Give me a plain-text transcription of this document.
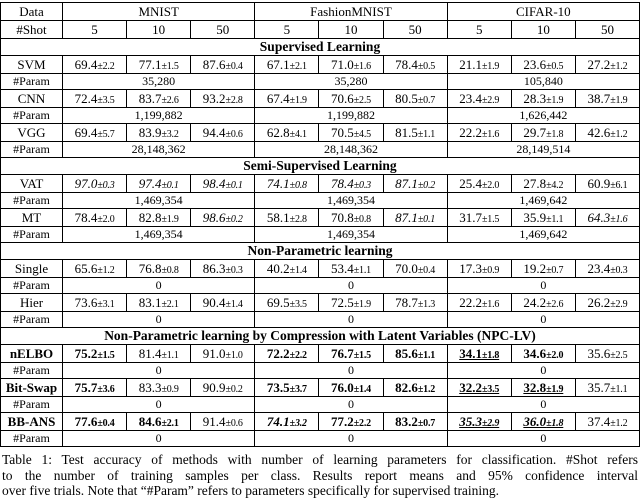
Data	MNIST			FashionMNIST			CIFAR-10		
#Shot	5	10	50	5	10	50	5	10	50
Supervised Learning									
SVM	69.4±2.2	77.1±1.5	87.6±0.4	67.1±2.1	71.0±1.6	78.4±0.5	21.1±1.9	23.6±0.5	27.2±1.2
#Param	35,280			35,280			105,840		
CNN	72.4±3.5	83.7±2.6	93.2±2.8	67.4±1.9	70.6±2.5	80.5±0.7	23.4±2.9	28.3±1.9	38.7±1.9
#Param	1,199,882			1,199,882			1,626,442		
VGG	69.4±5.7	83.9±3.2	94.4±0.6	62.8±4.1	70.5±4.5	81.5±1.1	22.2±1.6	29.7±1.8	42.6±1.2
#Param	28,148,362			28,148,362			28,149,514		
Semi-Supervised Learning									
VAT	97.0±0.3	97.4±0.1	98.4±0.1	74.1±0.8	78.4±0.3	87.1±0.2	25.4±2.0	27.8±4.2	60.9±6.1
#Param	1,469,354			1,469,354			1,469,642		
MT	78.4±2.0	82.8±1.9	98.6±0.2	58.1±2.8	70.8±0.8	87.1±0.1	31.7±1.5	35.9±1.1	64.3±1.6
#Param	1,469,354			1,469,354			1,469,642		
Non-Parametric learning									
Single	65.6±1.2	76.8±0.8	86.3±0.3	40.2±1.4	53.4±1.1	70.0±0.4	17.3±0.9	19.2±0.7	23.4±0.3
#Param	0			0			0		
Hier	73.6±3.1	83.1±2.1	90.4±1.4	69.5±3.5	72.5±1.9	78.7±1.3	22.2±1.6	24.2±2.6	26.2±2.9
#Param	0			0			0		
Non-Parametric learning by Compression with Latent Variables (NPC-LV)									
nELBO	75.2±1.5	81.4±1.1	91.0±1.0	72.2±2.2	76.7±1.5	85.6±1.1	34.1±1.8	34.6±2.0	35.6±2.5
#Param	0			0			0		
Bit-Swap	75.7±3.6	83.3±0.9	90.9±0.2	73.5±3.7	76.0±1.4	82.6±1.2	32.2±3.5	32.8±1.9	35.7±1.1
#Param	0			0			0		
BB-ANS	77.6±0.4	84.6±2.1	91.4±0.6	74.1±3.2	77.2±2.2	83.2±0.7	35.3±2.9	36.0±1.8	37.4±1.2
#Param	0			0			0		
Table 1: Test accuracy of methods with number of learning parameters for classification. #Shot refers
to the number of training samples per class. Results report means and 95% confidence interval
over five trials. Note that “#Param” refers to parameters specifically for supervised training.
